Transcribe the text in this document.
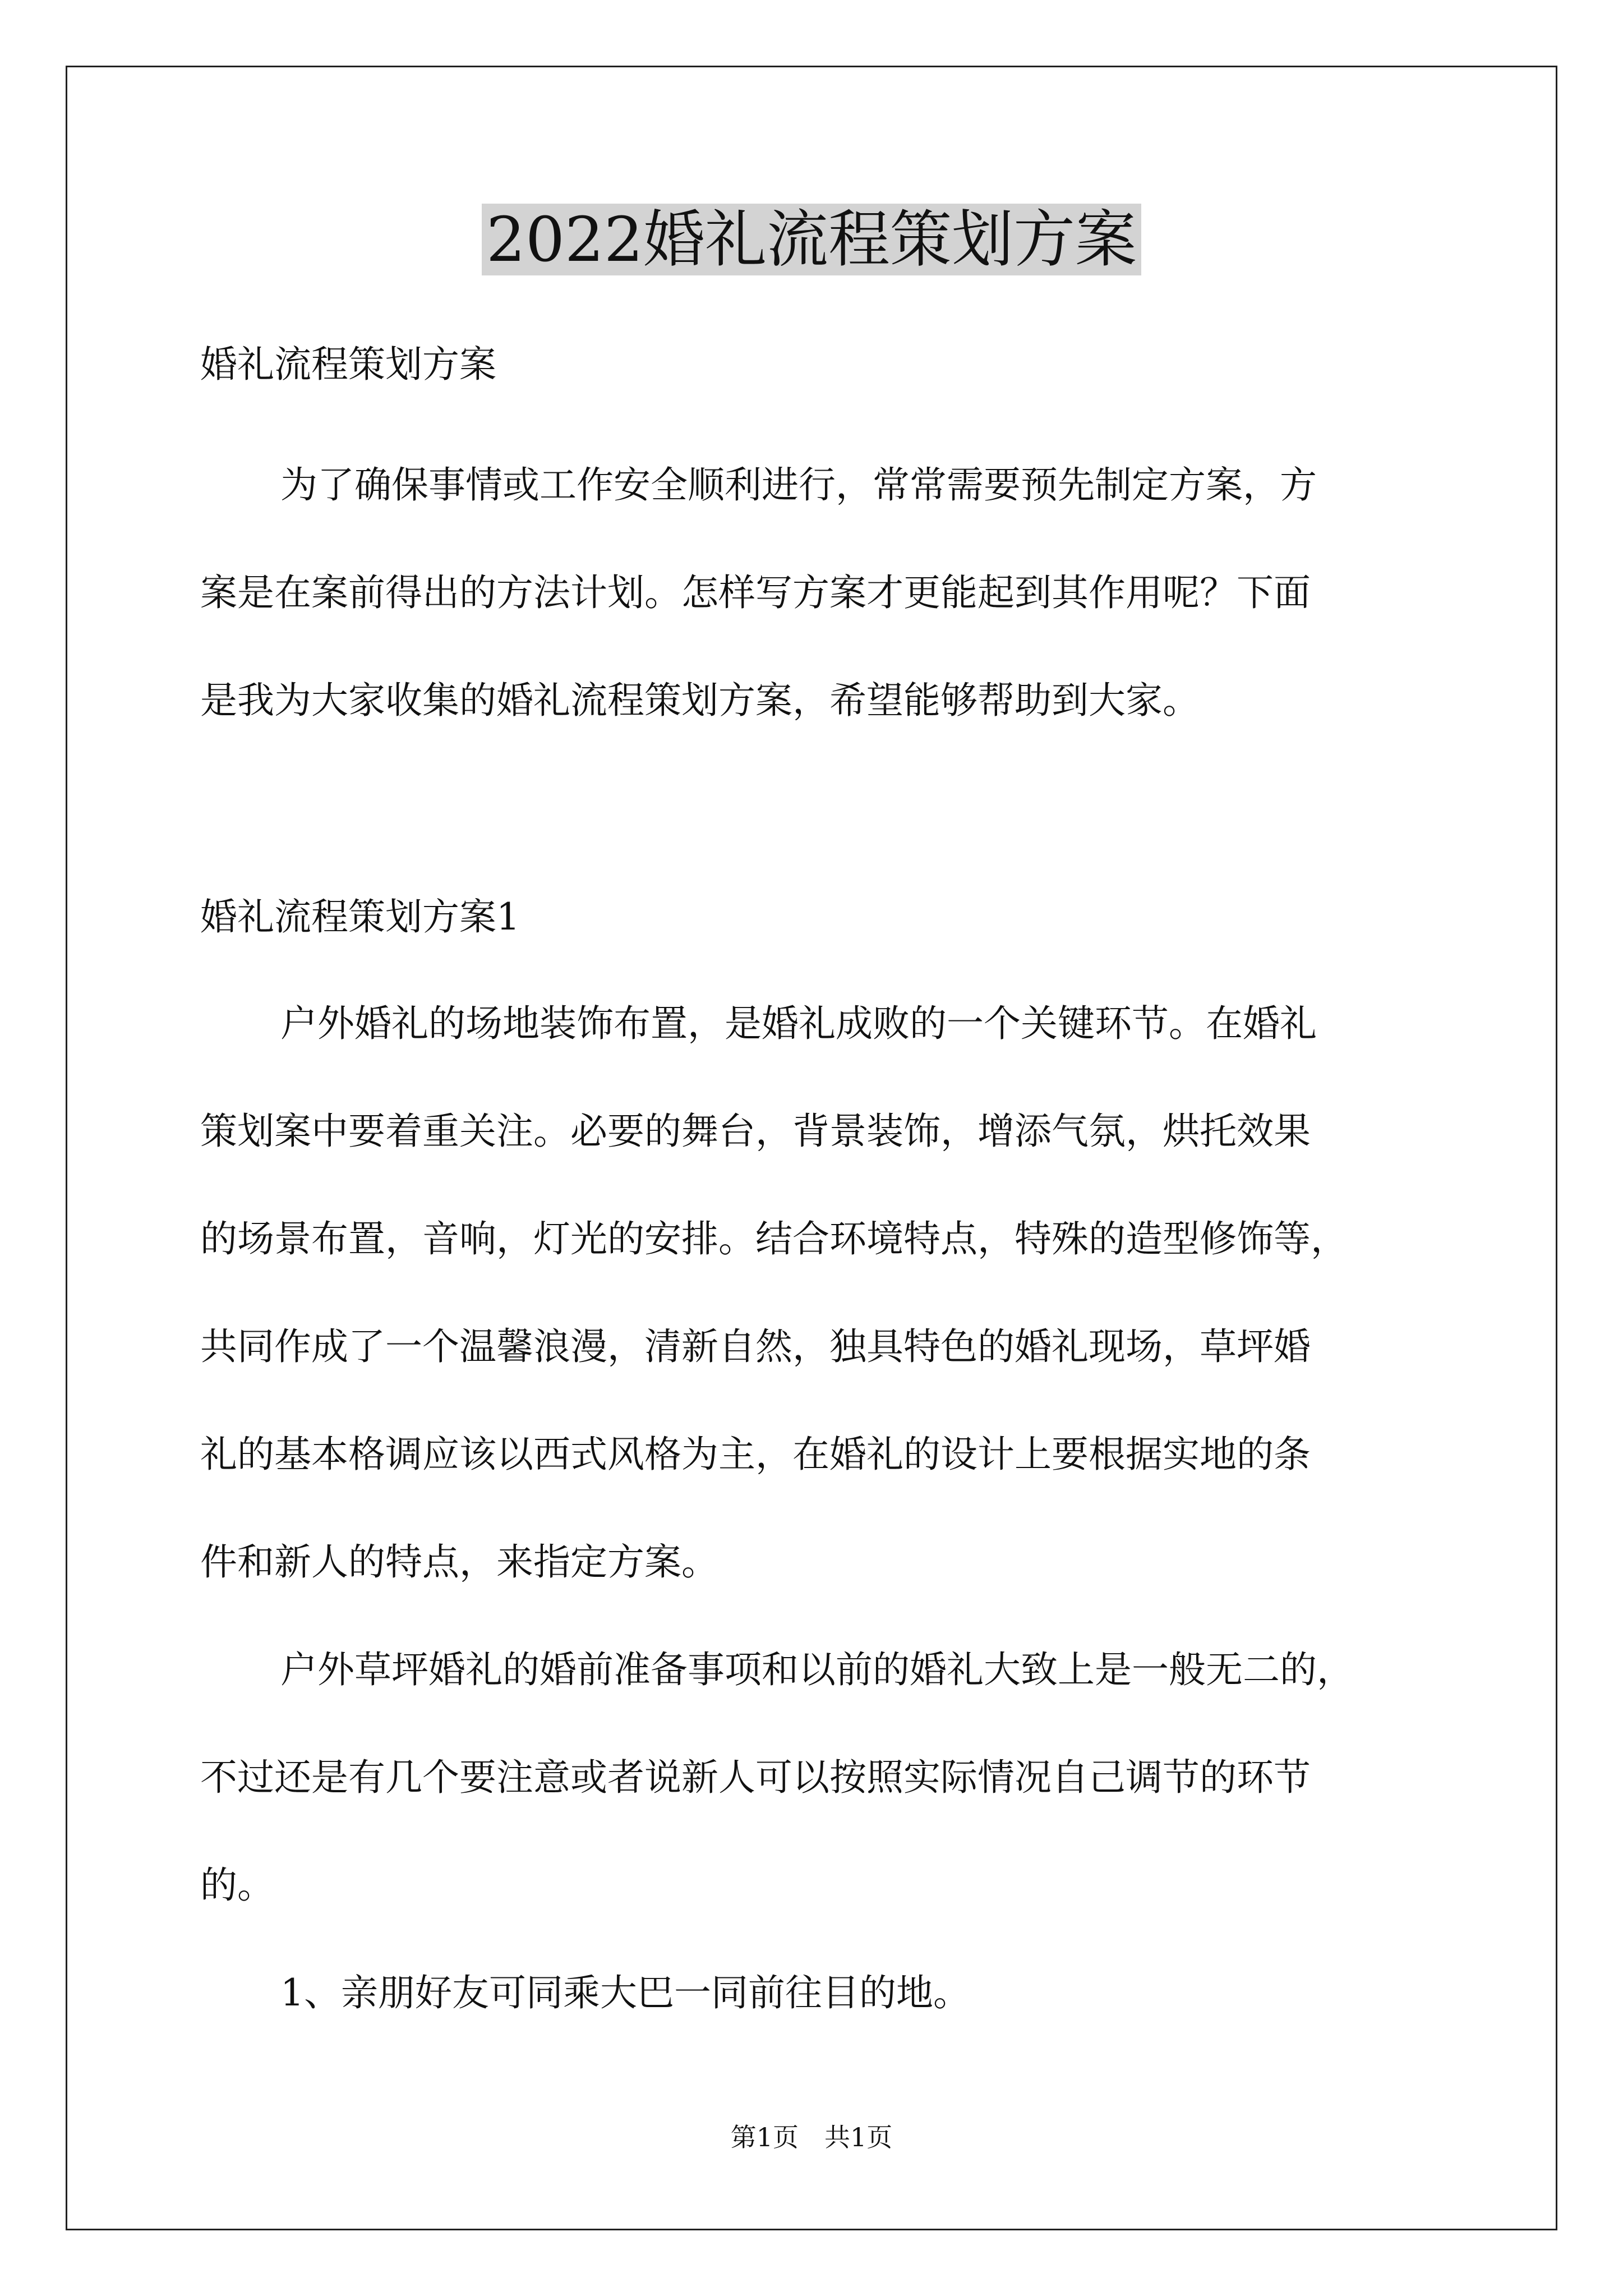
2022婚礼流程策划方案

婚礼流程策划方案

为了确保事情或工作安全顺利进行，常常需要预先制定方案，方

案是在案前得出的方法计划。怎样写方案才更能起到其作用呢？下面

是我为大家收集的婚礼流程策划方案，希望能够帮助到大家。

婚礼流程策划方案1

户外婚礼的场地装饰布置，是婚礼成败的一个关键环节。在婚礼

策划案中要着重关注。必要的舞台，背景装饰，增添气氛，烘托效果

的场景布置，音响，灯光的安排。结合环境特点，特殊的造型修饰等，

共同作成了一个温馨浪漫，清新自然，独具特色的婚礼现场，草坪婚

礼的基本格调应该以西式风格为主，在婚礼的设计上要根据实地的条

件和新人的特点，来指定方案。

户外草坪婚礼的婚前准备事项和以前的婚礼大致上是一般无二的，

不过还是有几个要注意或者说新人可以按照实际情况自己调节的环节

的。

1、亲朋好友可同乘大巴一同前往目的地。

第1页　共1页
